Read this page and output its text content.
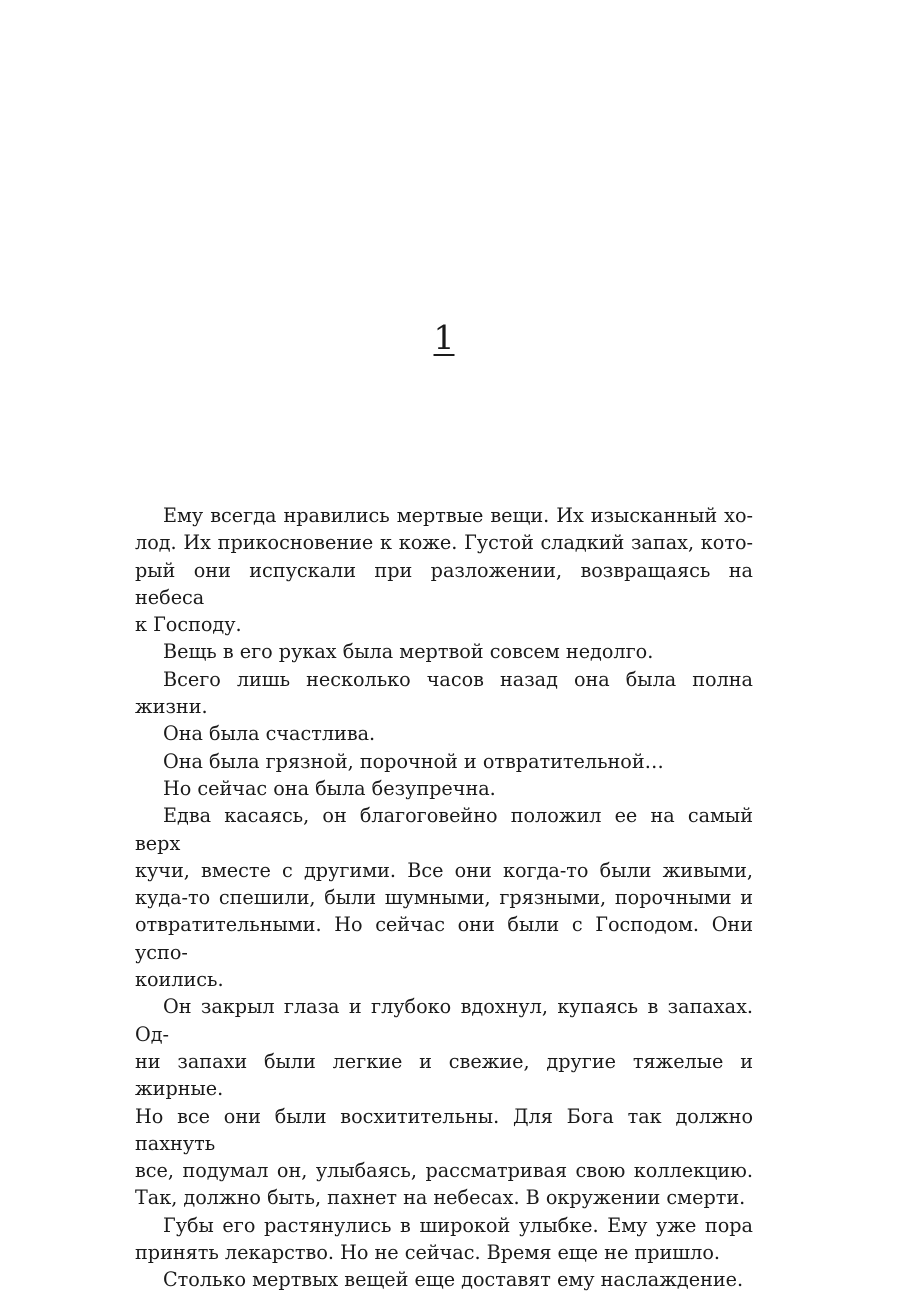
1

Ему всегда нравились мертвые вещи. Их изысканный хо-
лод. Их прикосновение к коже. Густой сладкий запах, кото-
рый они испускали при разложении, возвращаясь на небеса
к Господу.

Вещь в его руках была мертвой совсем недолго.

Всего лишь несколько часов назад она была полна жизни.

Она была счастлива.

Она была грязной, порочной и отвратительной…

Но сейчас она была безупречна.

Едва касаясь, он благоговейно положил ее на самый верх
кучи, вместе с другими. Все они когда-то были живыми,
куда-то спешили, были шумными, грязными, порочными и
отвратительными. Но сейчас они были с Господом. Они успо-
коились.

Он закрыл глаза и глубоко вдохнул, купаясь в запахах. Од-
ни запахи были легкие и свежие, другие тяжелые и жирные.
Но все они были восхитительны. Для Бога так должно пахнуть
все, подумал он, улыбаясь, рассматривая свою коллекцию.
Так, должно быть, пахнет на небесах. В окружении смерти.

Губы его растянулись в широкой улыбке. Ему уже пора
принять лекарство. Но не сейчас. Время еще не пришло.

Столько мертвых вещей еще доставят ему наслаждение.
